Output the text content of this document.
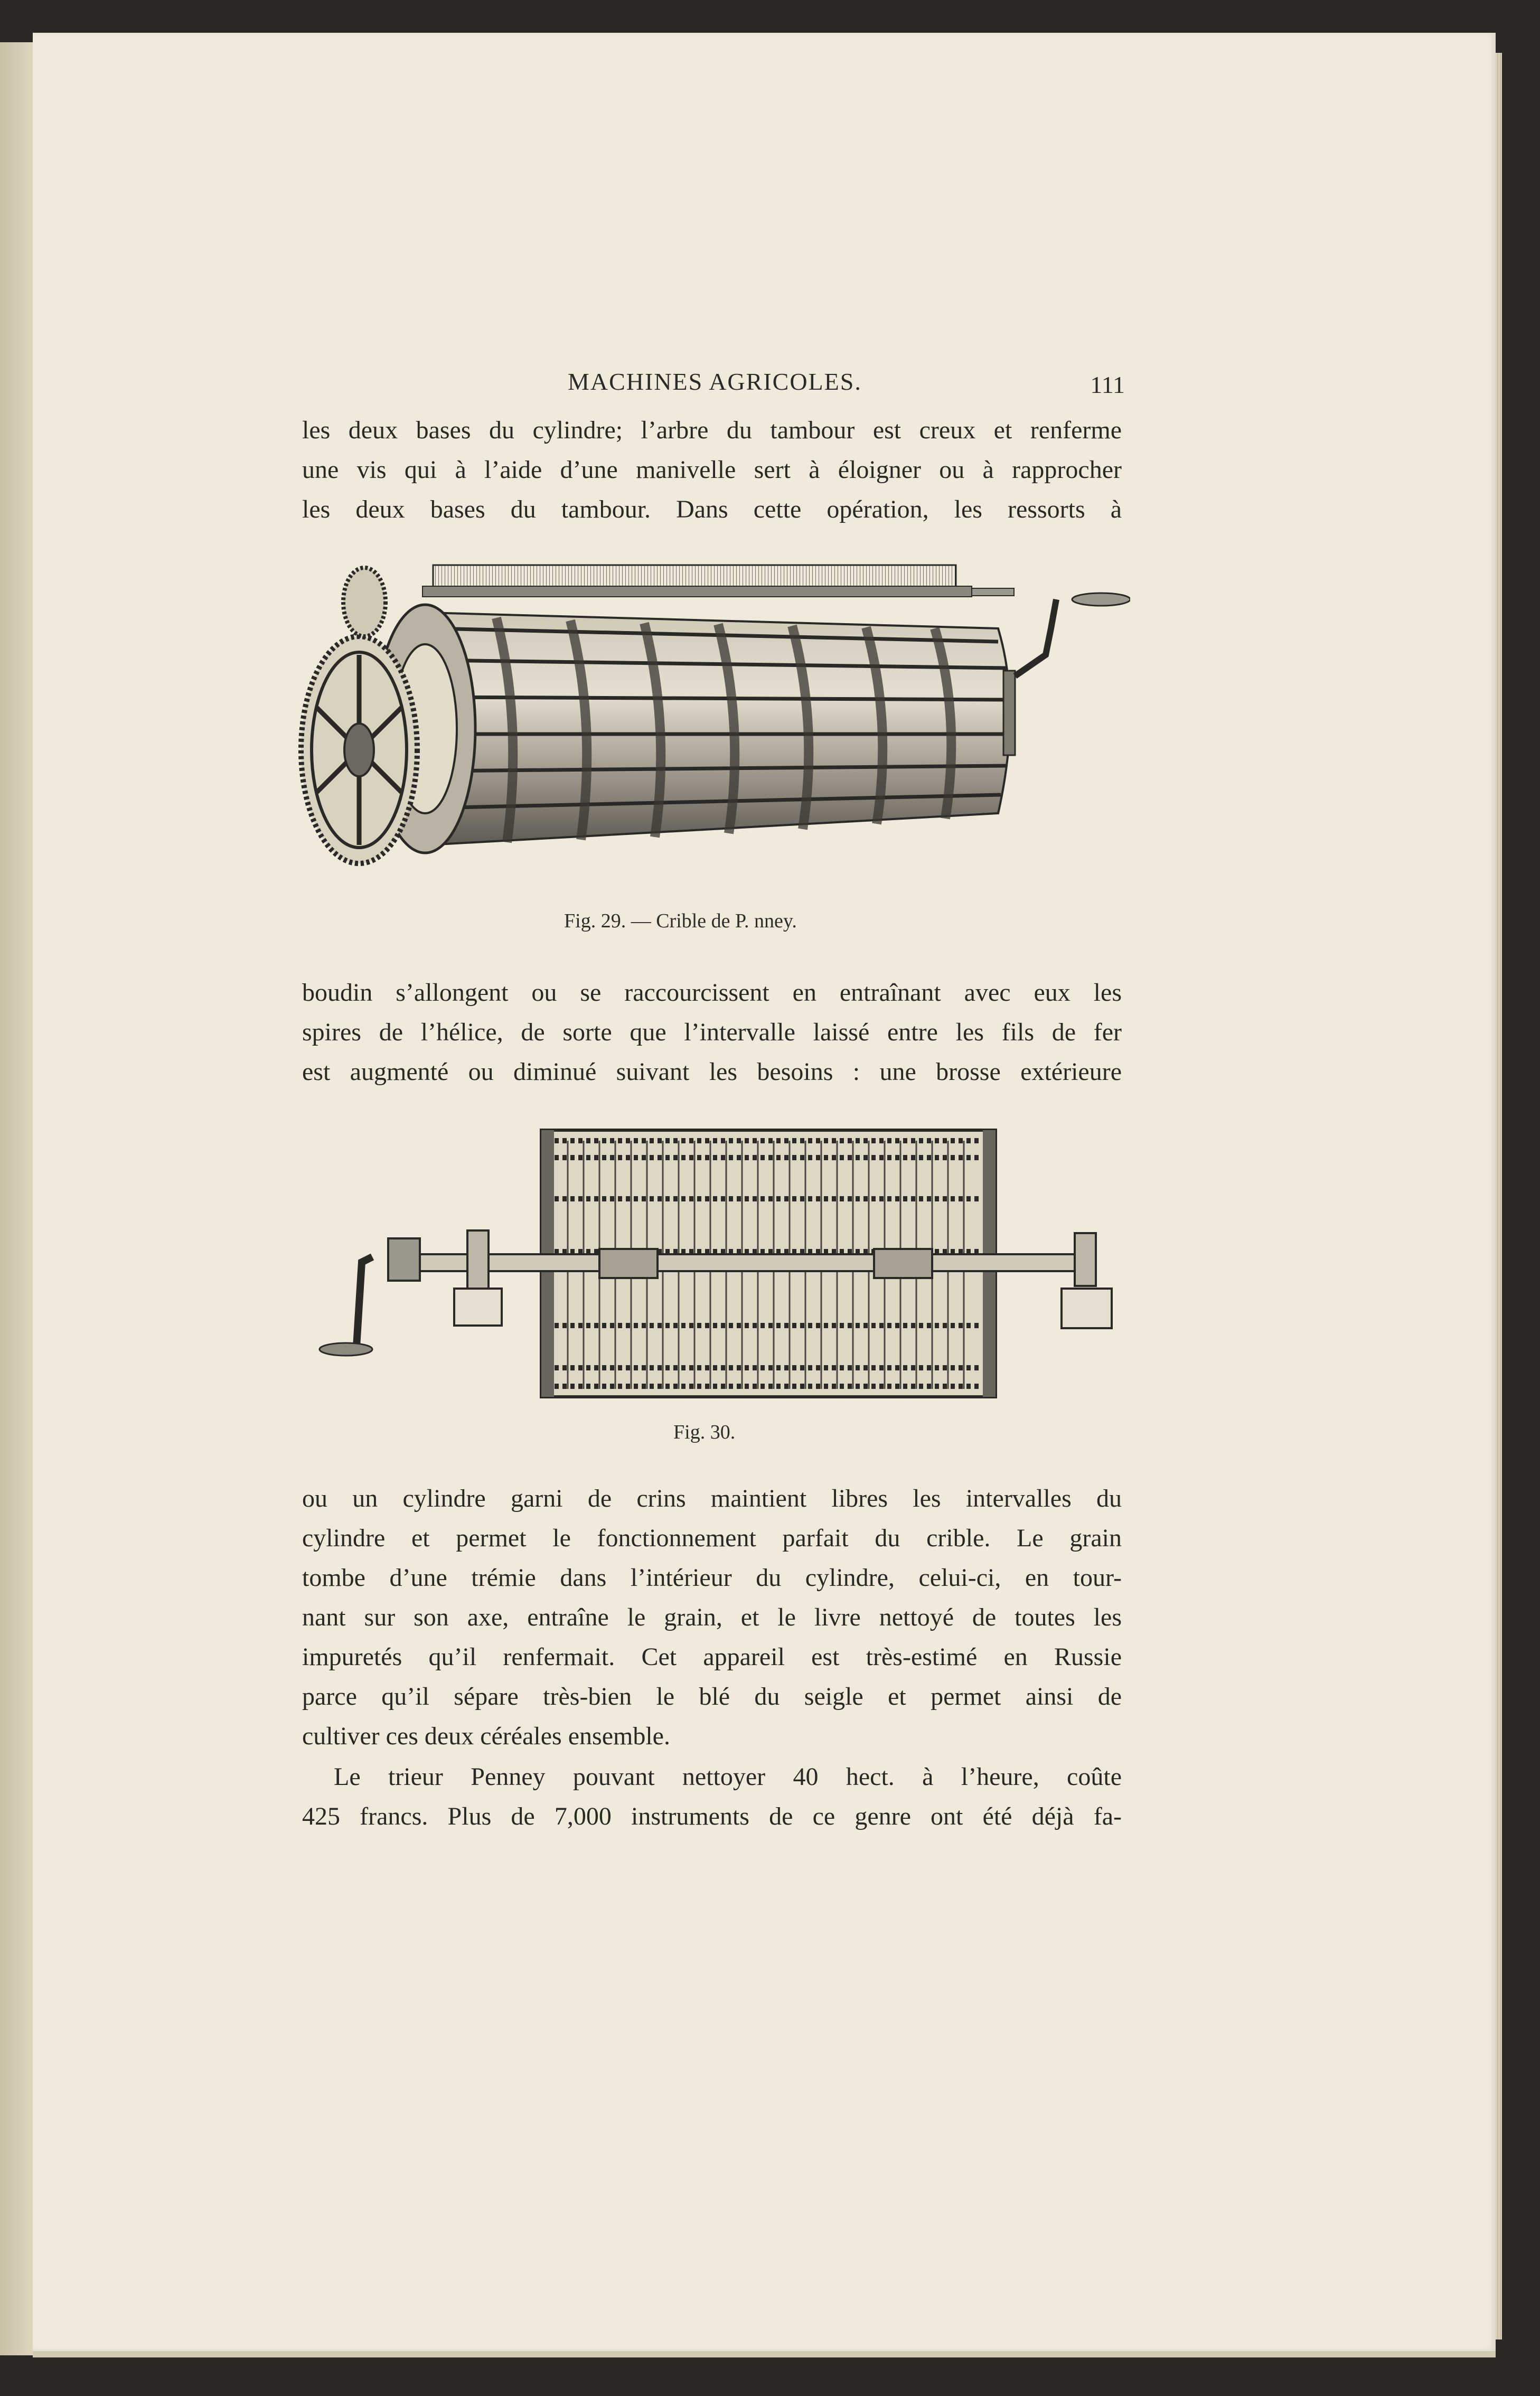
MACHINES AGRICOLES.	111
les deux bases du cylindre; l’arbre du tambour est creux et renferme
une vis qui à l’aide d’une manivelle sert à éloigner ou à rapprocher
les deux bases du tambour. Dans cette opération, les ressorts à
Fig. 29. — Crible de P. nney.
boudin s’allongent ou se raccourcissent en entraînant avec eux les
spires de l’hélice, de sorte que l’intervalle laissé entre les fils de fer
est augmenté ou diminué suivant les besoins : une brosse extérieure
Fig. 30.
ou un cylindre garni de crins maintient libres les intervalles du
cylindre et permet le fonctionnement parfait du crible. Le grain
tombe d’une trémie dans l’intérieur du cylindre, celui-ci, en tour-
nant sur son axe, entraîne le grain, et le livre nettoyé de toutes les
impuretés qu’il renfermait. Cet appareil est très-estimé en Russie
parce qu’il sépare très-bien le blé du seigle et permet ainsi de
cultiver ces deux céréales ensemble.
Le trieur Penney pouvant nettoyer 40 hect. à l’heure, coûte
425 francs. Plus de 7,000 instruments de ce genre ont été déjà fa-
